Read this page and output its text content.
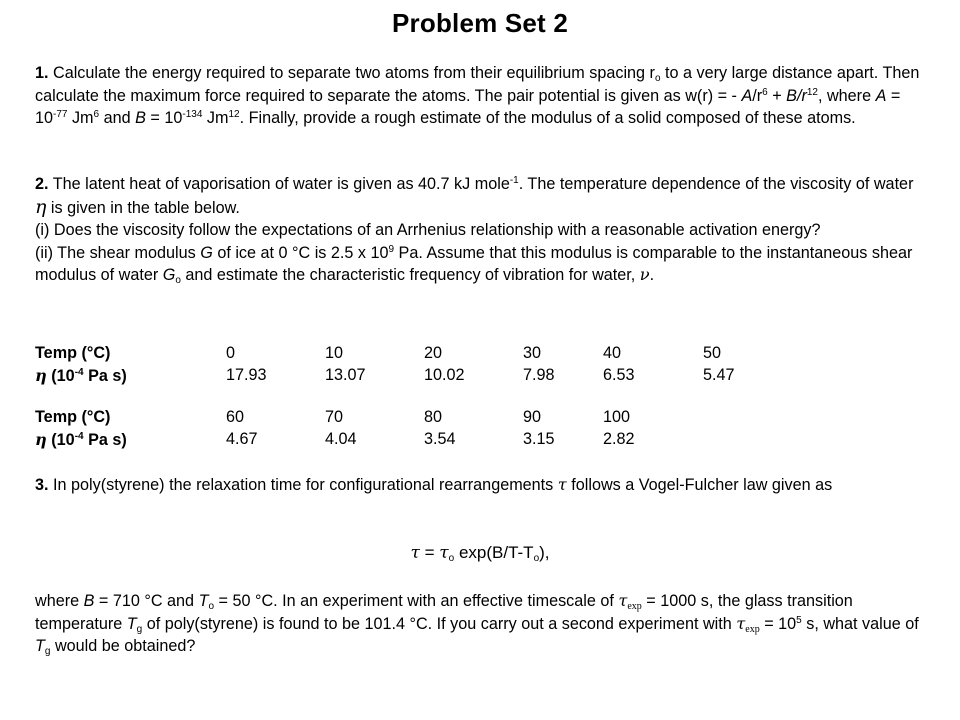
Problem Set 2
1. Calculate the energy required to separate two atoms from their equilibrium spacing $r_o$ to a very large distance apart. Then calculate the maximum force required to separate the atoms. The pair potential is given as w(r) = - $A/r^6 + B/r^{12}$, where $A = 10^{-77}$ Jm$^6$ and $B = 10^{-134}$ Jm$^{12}$. Finally, provide a rough estimate of the modulus of a solid composed of these atoms.
2. The latent heat of vaporisation of water is given as 40.7 kJ mole$^{-1}$. The temperature dependence of the viscosity of water η is given in the table below.
(i) Does the viscosity follow the expectations of an Arrhenius relationship with a reasonable activation energy?
(ii) The shear modulus G of ice at 0 °C is 2.5 x $10^9$ Pa. Assume that this modulus is comparable to the instantaneous shear modulus of water $G_o$ and estimate the characteristic frequency of vibration for water, ν.
Temp (°C)	0	10	20	30	40	50
η ($10^{-4}$ Pa s)	17.93	13.07	10.02	7.98	6.53	5.47
Temp (°C)	60	70	80	90	100
η ($10^{-4}$ Pa s)	4.67	4.04	3.54	3.15	2.82
3. In poly(styrene) the relaxation time for configurational rearrangements τ follows a Vogel-Fulcher law given as
$\tau = \tau_o$ $\exp(B/T-T_o)$,
where B = 710 °C and $T_o = 50$ °C. In an experiment with an effective timescale of $\tau_{exp} = 1000$ s, the glass transition temperature $T_g$ of poly(styrene) is found to be 101.4 °C. If you carry out a second experiment with $\tau_{exp} = 10^5$ s, what value of $T_g$ would be obtained?
